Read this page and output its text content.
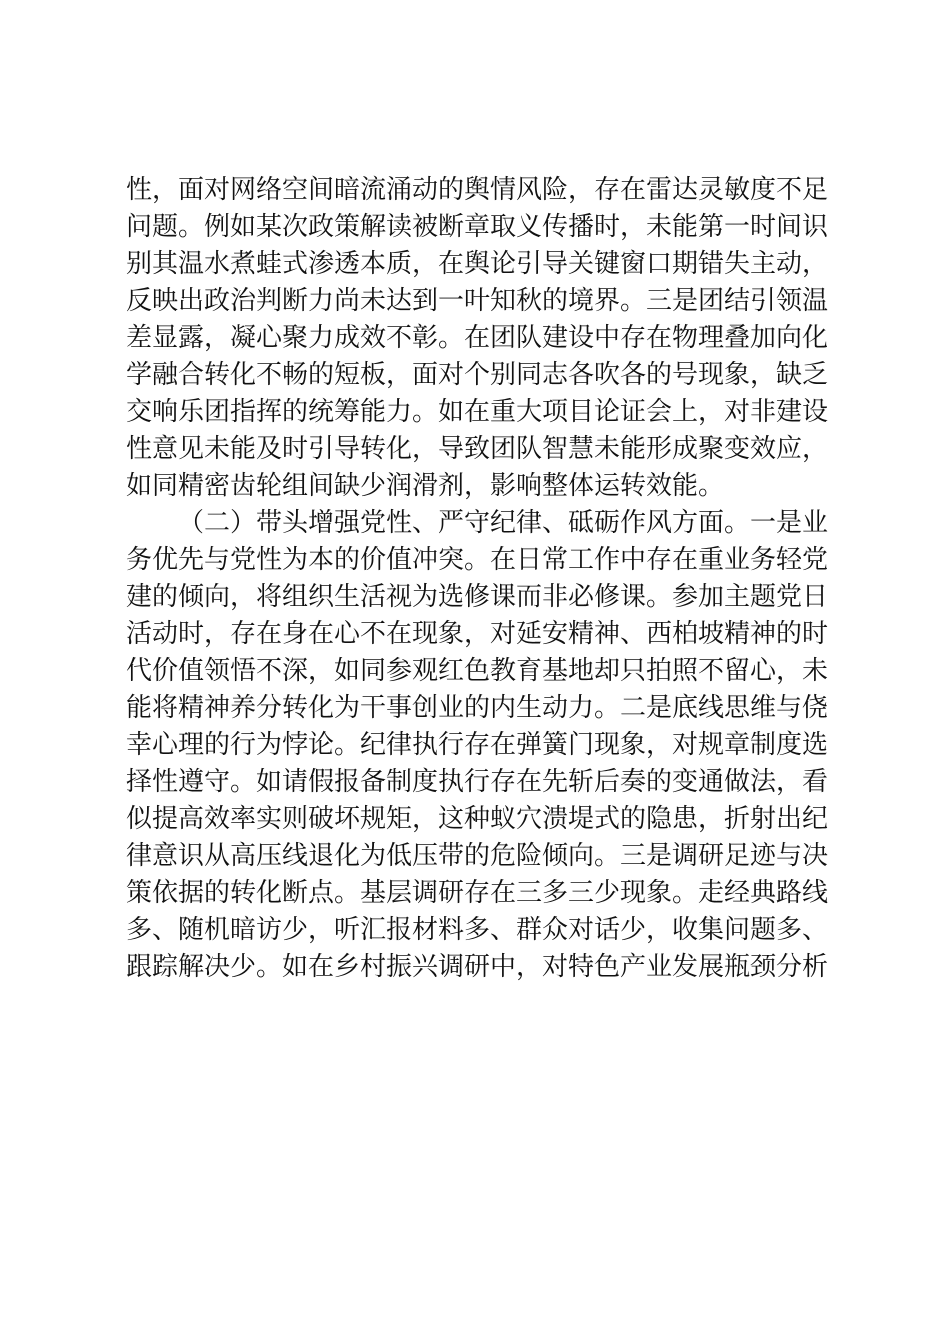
性，面对网络空间暗流涌动的舆情风险，存在雷达灵敏度不足
问题。例如某次政策解读被断章取义传播时，未能第一时间识
别其温水煮蛙式渗透本质，在舆论引导关键窗口期错失主动，
反映出政治判断力尚未达到一叶知秋的境界。三是团结引领温
差显露，凝心聚力成效不彰。在团队建设中存在物理叠加向化
学融合转化不畅的短板，面对个别同志各吹各的号现象，缺乏
交响乐团指挥的统筹能力。如在重大项目论证会上，对非建设
性意见未能及时引导转化，导致团队智慧未能形成聚变效应，
如同精密齿轮组间缺少润滑剂，影响整体运转效能。
（二）带头增强党性、严守纪律、砥砺作风方面。一是业
务优先与党性为本的价值冲突。在日常工作中存在重业务轻党
建的倾向，将组织生活视为选修课而非必修课。参加主题党日
活动时，存在身在心不在现象，对延安精神、西柏坡精神的时
代价值领悟不深，如同参观红色教育基地却只拍照不留心，未
能将精神养分转化为干事创业的内生动力。二是底线思维与侥
幸心理的行为悖论。纪律执行存在弹簧门现象，对规章制度选
择性遵守。如请假报备制度执行存在先斩后奏的变通做法，看
似提高效率实则破坏规矩，这种蚁穴溃堤式的隐患，折射出纪
律意识从高压线退化为低压带的危险倾向。三是调研足迹与决
策依据的转化断点。基层调研存在三多三少现象。走经典路线
多、随机暗访少，听汇报材料多、群众对话少，收集问题多、
跟踪解决少。如在乡村振兴调研中，对特色产业发展瓶颈分析
